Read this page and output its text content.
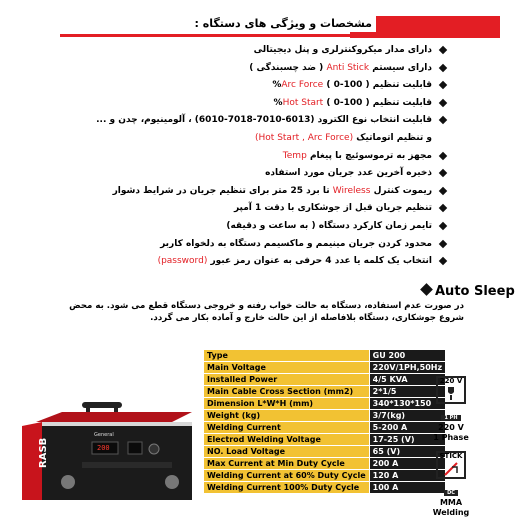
مشخصات و ویژگی های دستگاه :
دارای مدار میکروکنترلری و پنل دیجیتالی
دارای سیستم Anti Stick ( ضد چسبندگی )
قابلیت تنظیم Arc Force ( 0-100 )%
قابلیت تنظیم Hot Start ( 0-100 )%
قابلیت انتخاب نوع الکترود (6013-7010-7018-6010) ، آلومینیوم، چدن و ...
و تنظیم اتوماتیک (Hot Start , Arc Force)
مجهز به ترموسوئیچ با پیغام Temp
ذخیره آخرین عدد جریان مورد استفاده
ریموت کنترل Wireless تا برد 25 متر برای تنظیم جریان در شرایط دشوار
تنظیم جریان قبل از جوشکاری با دقت 1 آمپر
تایمر زمان کارکرد دستگاه ( به ساعت و دقیقه)
محدود کردن جریان مینیمم و ماکسیمم دستگاه به دلخواه کاربر
انتخاب یک کلمه یا عدد 4 حرفی به عنوان رمز عبور (password)
Auto Sleep
در صورت عدم استفاده، دستگاه به حالت خواب رفته و خروجی دستگاه قطع می شود. به محض شروع جوشکاری، دستگاه بلافاصله از این حالت خارج و آماده بکار می گردد.
RASB
General
200
Type	GU 200
Main Voltage	220V/1PH,50Hz
Installed Power	4/5 KVA
Main Cable Cross Section (mm2)	2*1/5
Dimension L*W*H (mm)	340*130*150
Weight (kg)	3/7(kg)
Welding Current	5-200 A
Electrod Welding Voltage	17-25 (V)
NO. Load Voltage	65 (V)
Max Current at Min Duty Cycle	200 A
Welding Current at 60% Duty Cycle	120 A
Welding Current 100% Duty Cycle	100 A
220 V
1 PH
220 V
1 Phase
STICK
DC
MMA
Welding
